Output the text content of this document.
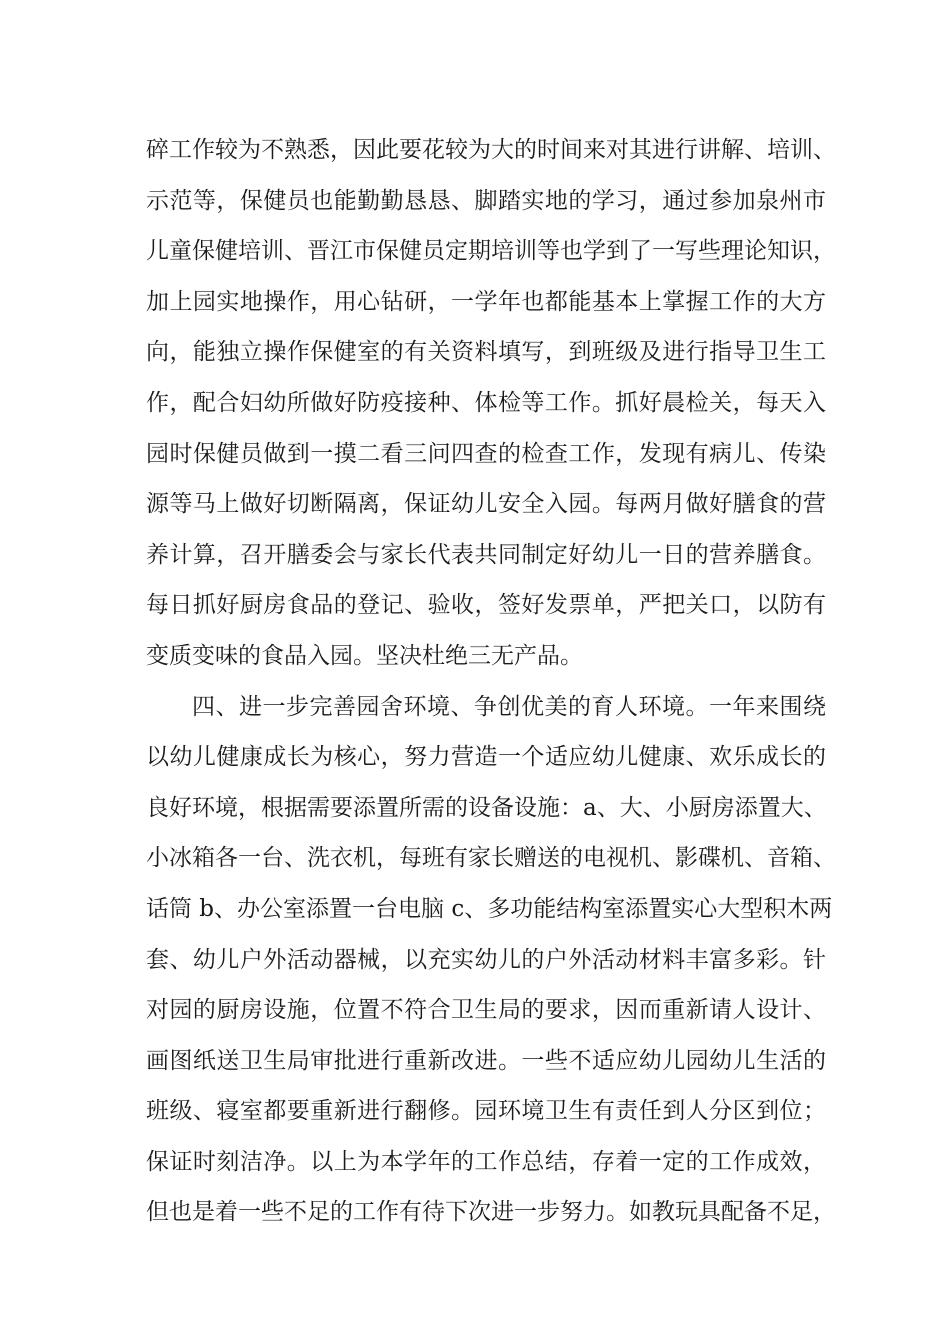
碎工作较为不熟悉，因此要花较为大的时间来对其进行讲解、培训、
示范等，保健员也能勤勤恳恳、脚踏实地的学习，通过参加泉州市
儿童保健培训、晋江市保健员定期培训等也学到了一写些理论知识，
加上园实地操作，用心钻研，一学年也都能基本上掌握工作的大方
向，能独立操作保健室的有关资料填写，到班级及进行指导卫生工
作，配合妇幼所做好防疫接种、体检等工作。抓好晨检关，每天入
园时保健员做到一摸二看三问四查的检查工作，发现有病儿、传染
源等马上做好切断隔离，保证幼儿安全入园。每两月做好膳食的营
养计算，召开膳委会与家长代表共同制定好幼儿一日的营养膳食。
每日抓好厨房食品的登记、验收，签好发票单，严把关口，以防有
变质变味的食品入园。坚决杜绝三无产品。
四、进一步完善园舍环境、争创优美的育人环境。一年来围绕
以幼儿健康成长为核心，努力营造一个适应幼儿健康、欢乐成长的
良好环境，根据需要添置所需的设备设施：a、大、小厨房添置大、
小冰箱各一台、洗衣机，每班有家长赠送的电视机、影碟机、音箱、
话筒 b、办公室添置一台电脑 c、多功能结构室添置实心大型积木两
套、幼儿户外活动器械，以充实幼儿的户外活动材料丰富多彩。针
对园的厨房设施，位置不符合卫生局的要求，因而重新请人设计、
画图纸送卫生局审批进行重新改进。一些不适应幼儿园幼儿生活的
班级、寝室都要重新进行翻修。园环境卫生有责任到人分区到位；
保证时刻洁净。以上为本学年的工作总结，存着一定的工作成效，
但也是着一些不足的工作有待下次进一步努力。如教玩具配备不足，
